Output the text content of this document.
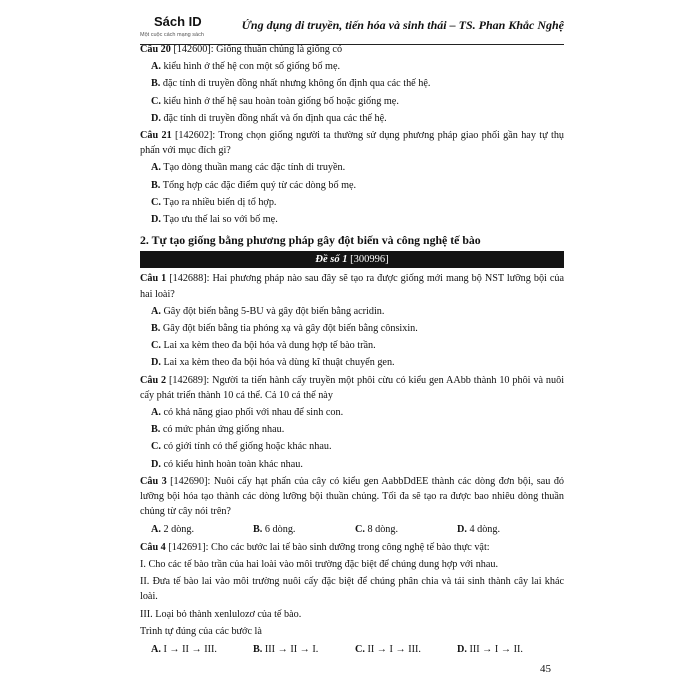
Sách ID
Một cuộc cách mạng sách
Ứng dụng di truyền, tiến hóa và sinh thái – TS. Phan Khắc Nghệ
Câu 20 [142600]: Giống thuần chủng là giống có
A. kiểu hình ở thế hệ con một số giống bố mẹ.
B. đặc tính di truyền đồng nhất nhưng không ổn định qua các thế hệ.
C. kiểu hình ở thế hệ sau hoàn toàn giống bố hoặc giống mẹ.
D. đặc tính di truyền đồng nhất và ổn định qua các thế hệ.
Câu 21 [142602]: Trong chọn giống người ta thường sử dụng phương pháp giao phối gần hay tự thụ phấn với mục đích gì?
A. Tạo dòng thuần mang các đặc tính di truyền.
B. Tổng hợp các đặc điểm quý từ các dòng bố mẹ.
C. Tạo ra nhiều biến dị tổ hợp.
D. Tạo ưu thế lai so với bố mẹ.
2. Tự tạo giống bằng phương pháp gây đột biến và công nghệ tế bào
Đề số 1 [300996]
Câu 1 [142688]: Hai phương pháp nào sau đây sẽ tạo ra được giống mới mang bộ NST lưỡng bội của hai loài?
A. Gây đột biến bằng 5-BU và gây đột biến bằng acridin.
B. Gây đột biến bằng tia phóng xạ và gây đột biến bằng cônsixin.
C. Lai xa kèm theo đa bội hóa và dung hợp tế bào trần.
D. Lai xa kèm theo đa bội hóa và dùng kĩ thuật chuyển gen.
Câu 2 [142689]: Người ta tiến hành cấy truyền một phôi cừu có kiểu gen AAbb thành 10 phôi và nuôi cấy phát triển thành 10 cá thể. Cả 10 cá thể này
A. có khả năng giao phối với nhau để sinh con.
B. có mức phản ứng giống nhau.
C. có giới tính có thể giống hoặc khác nhau.
D. có kiểu hình hoàn toàn khác nhau.
Câu 3 [142690]: Nuôi cấy hạt phấn của cây có kiểu gen AabbDdEE thành các dòng đơn bội, sau đó lưỡng bội hóa tạo thành các dòng lưỡng bội thuần chủng. Tối đa sẽ tạo ra được bao nhiêu dòng thuần chủng từ cây nói trên?
A. 2 dòng.	B. 6 dòng.	C. 8 dòng.	D. 4 dòng.
Câu 4 [142691]: Cho các bước lai tế bào sinh dưỡng trong công nghệ tế bào thực vật:
I. Cho các tế bào trần của hai loài vào môi trường đặc biệt để chúng dung hợp với nhau.
II. Đưa tế bào lai vào môi trường nuôi cấy đặc biệt để chúng phân chia và tái sinh thành cây lai khác loài.
III. Loại bỏ thành xenlulozơ của tế bào.
Trình tự đúng của các bước là
A. I → II → III.	B. III → II → I.	C. II → I → III.	D. III → I → II.
45
